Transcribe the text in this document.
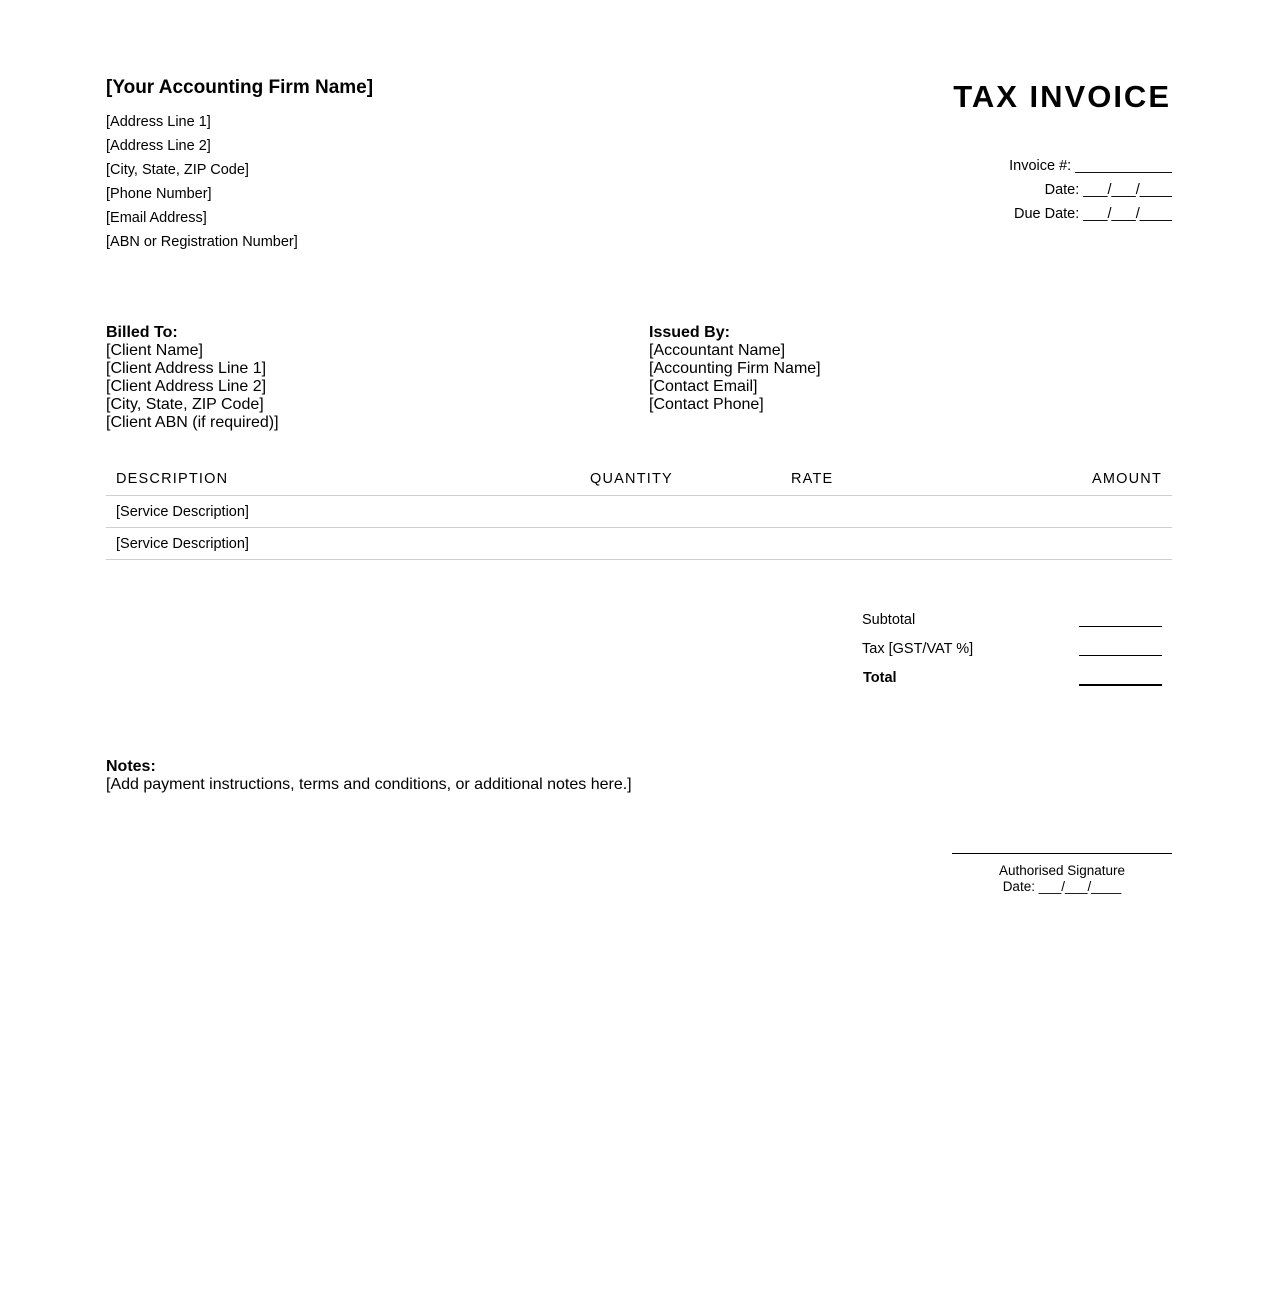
[Your Accounting Firm Name]
[Address Line 1]
[Address Line 2]
[City, State, ZIP Code]
[Phone Number]
[Email Address]
[ABN or Registration Number]
TAX INVOICE
Invoice #: ____________
Date: ___/___/____
Due Date: ___/___/____
Billed To:
[Client Name]
[Client Address Line 1]
[Client Address Line 2]
[City, State, ZIP Code]
[Client ABN (if required)]
Issued By:
[Accountant Name]
[Accounting Firm Name]
[Contact Email]
[Contact Phone]
DESCRIPTION	QUANTITY	RATE	AMOUNT
[Service Description]			
[Service Description]			
Subtotal
Tax [GST/VAT %]
Total
Notes:
[Add payment instructions, terms and conditions, or additional notes here.]
Authorised Signature
Date: ___/___/____
